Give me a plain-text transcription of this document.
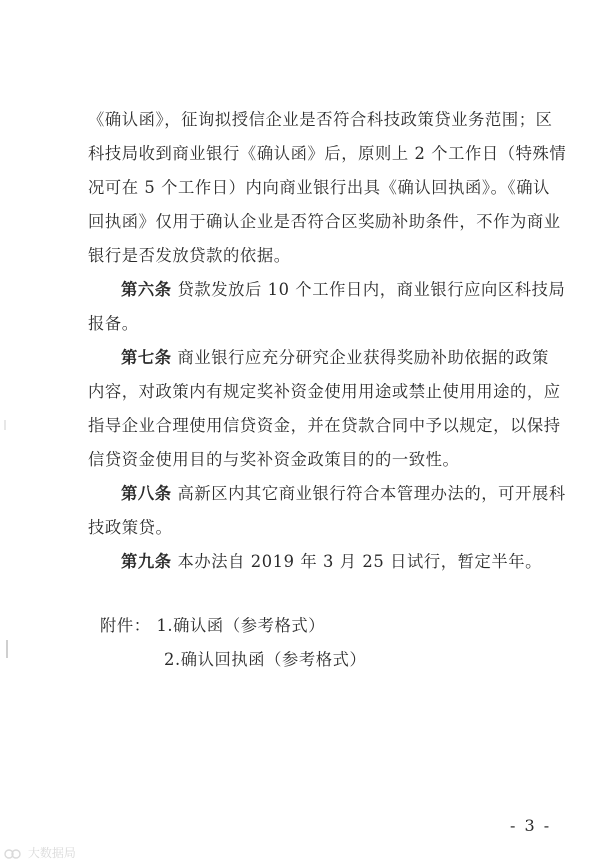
《确认函》，征询拟授信企业是否符合科技政策贷业务范围；区
科技局收到商业银行《确认函》后，原则上 2 个工作日（特殊情
况可在 5 个工作日）内向商业银行出具《确认回执函》。《确认
回执函》仅用于确认企业是否符合区奖励补助条件，不作为商业
银行是否发放贷款的依据。
第六条 贷款发放后 10 个工作日内，商业银行应向区科技局
报备。
第七条 商业银行应充分研究企业获得奖励补助依据的政策
内容，对政策内有规定奖补资金使用用途或禁止使用用途的，应
指导企业合理使用信贷资金，并在贷款合同中予以规定，以保持
信贷资金使用目的与奖补资金政策目的的一致性。
第八条 高新区内其它商业银行符合本管理办法的，可开展科
技政策贷。
第九条 本办法自 2019 年 3 月 25 日试行，暂定半年。
附件： 1.确认函（参考格式）
2.确认回执函（参考格式）
- 3 -
大数据局
